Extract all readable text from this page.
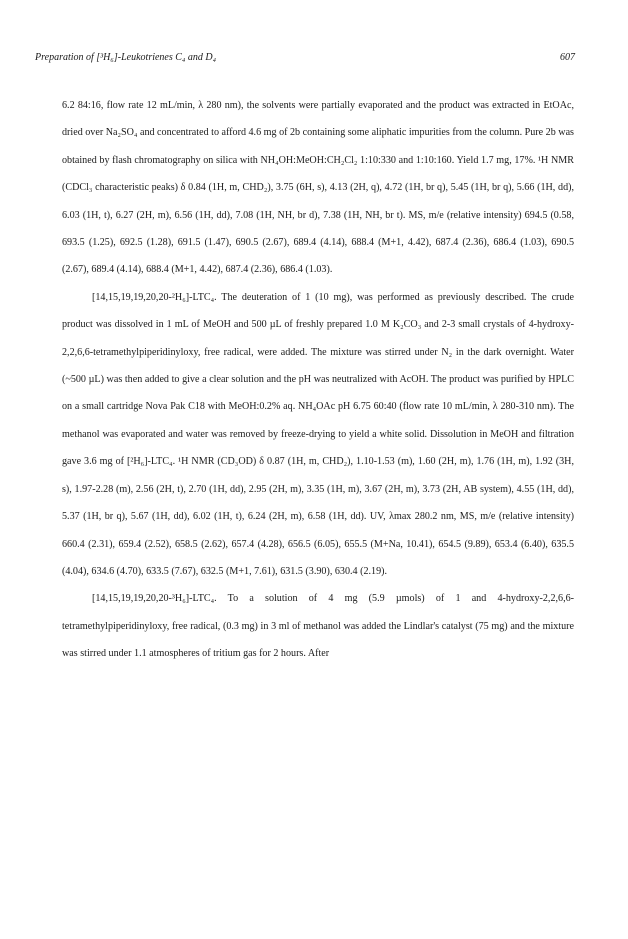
Preparation of [³H₆]-Leukotrienes C₄ and D₄	607

6.2 84:16, flow rate 12 mL/min, λ 280 nm), the solvents were partially evaporated and the product was extracted in EtOAc, dried over Na₂SO₄ and concentrated to afford 4.6 mg of 2b containing some aliphatic impurities from the column. Pure 2b was obtained by flash chromatography on silica with NH₄OH:MeOH:CH₂Cl₂ 1:10:330 and 1:10:160. Yield 1.7 mg, 17%. ¹H NMR (CDCl₃ characteristic peaks) δ 0.84 (1H, m, CHD₂), 3.75 (6H, s), 4.13 (2H, q), 4.72 (1H, br q), 5.45 (1H, br q), 5.66 (1H, dd), 6.03 (1H, t), 6.27 (2H, m), 6.56 (1H, dd), 7.08 (1H, NH, br d), 7.38 (1H, NH, br t). MS, m/e (relative intensity) 694.5 (0.58, 693.5 (1.25), 692.5 (1.28), 691.5 (1.47), 690.5 (2.67), 689.4 (4.14), 688.4 (M+1, 4.42), 687.4 (2.36), 686.4 (1.03), 690.5 (2.67), 689.4 (4.14), 688.4 (M+1, 4.42), 687.4 (2.36), 686.4 (1.03).

[14,15,19,19,20,20-²H₆]-LTC₄. The deuteration of 1 (10 mg), was performed as previously described. The crude product was dissolved in 1 mL of MeOH and 500 µL of freshly prepared 1.0 M K₂CO₃ and 2-3 small crystals of 4-hydroxy-2,2,6,6-tetramethylpiperidinyloxy, free radical, were added. The mixture was stirred under N₂ in the dark overnight. Water (~500 µL) was then added to give a clear solution and the pH was neutralized with AcOH. The product was purified by HPLC on a small cartridge Nova Pak C18 with MeOH:0.2% aq. NH₄OAc pH 6.75 60:40 (flow rate 10 mL/min, λ 280-310 nm). The methanol was evaporated and water was removed by freeze-drying to yield a white solid. Dissolution in MeOH and filtration gave 3.6 mg of [²H₆]-LTC₄. ¹H NMR (CD₃OD) δ 0.87 (1H, m, CHD₂), 1.10-1.53 (m), 1.60 (2H, m), 1.76 (1H, m), 1.92 (3H, s), 1.97-2.28 (m), 2.56 (2H, t), 2.70 (1H, dd), 2.95 (2H, m), 3.35 (1H, m), 3.67 (2H, m), 3.73 (2H, AB system), 4.55 (1H, dd), 5.37 (1H, br q), 5.67 (1H, dd), 6.02 (1H, t), 6.24 (2H, m), 6.58 (1H, dd). UV, λmax 280.2 nm, MS, m/e (relative intensity) 660.4 (2.31), 659.4 (2.52), 658.5 (2.62), 657.4 (4.28), 656.5 (6.05), 655.5 (M+Na, 10.41), 654.5 (9.89), 653.4 (6.40), 635.5 (4.04), 634.6 (4.70), 633.5 (7.67), 632.5 (M+1, 7.61), 631.5 (3.90), 630.4 (2.19).

[14,15,19,19,20,20-³H₆]-LTC₄. To a solution of 4 mg (5.9 µmols) of 1 and 4-hydroxy-2,2,6,6-tetramethylpiperidinyloxy, free radical, (0.3 mg) in 3 ml of methanol was added the Lindlar's catalyst (75 mg) and the mixture was stirred under 1.1 atmospheres of tritium gas for 2 hours. After
